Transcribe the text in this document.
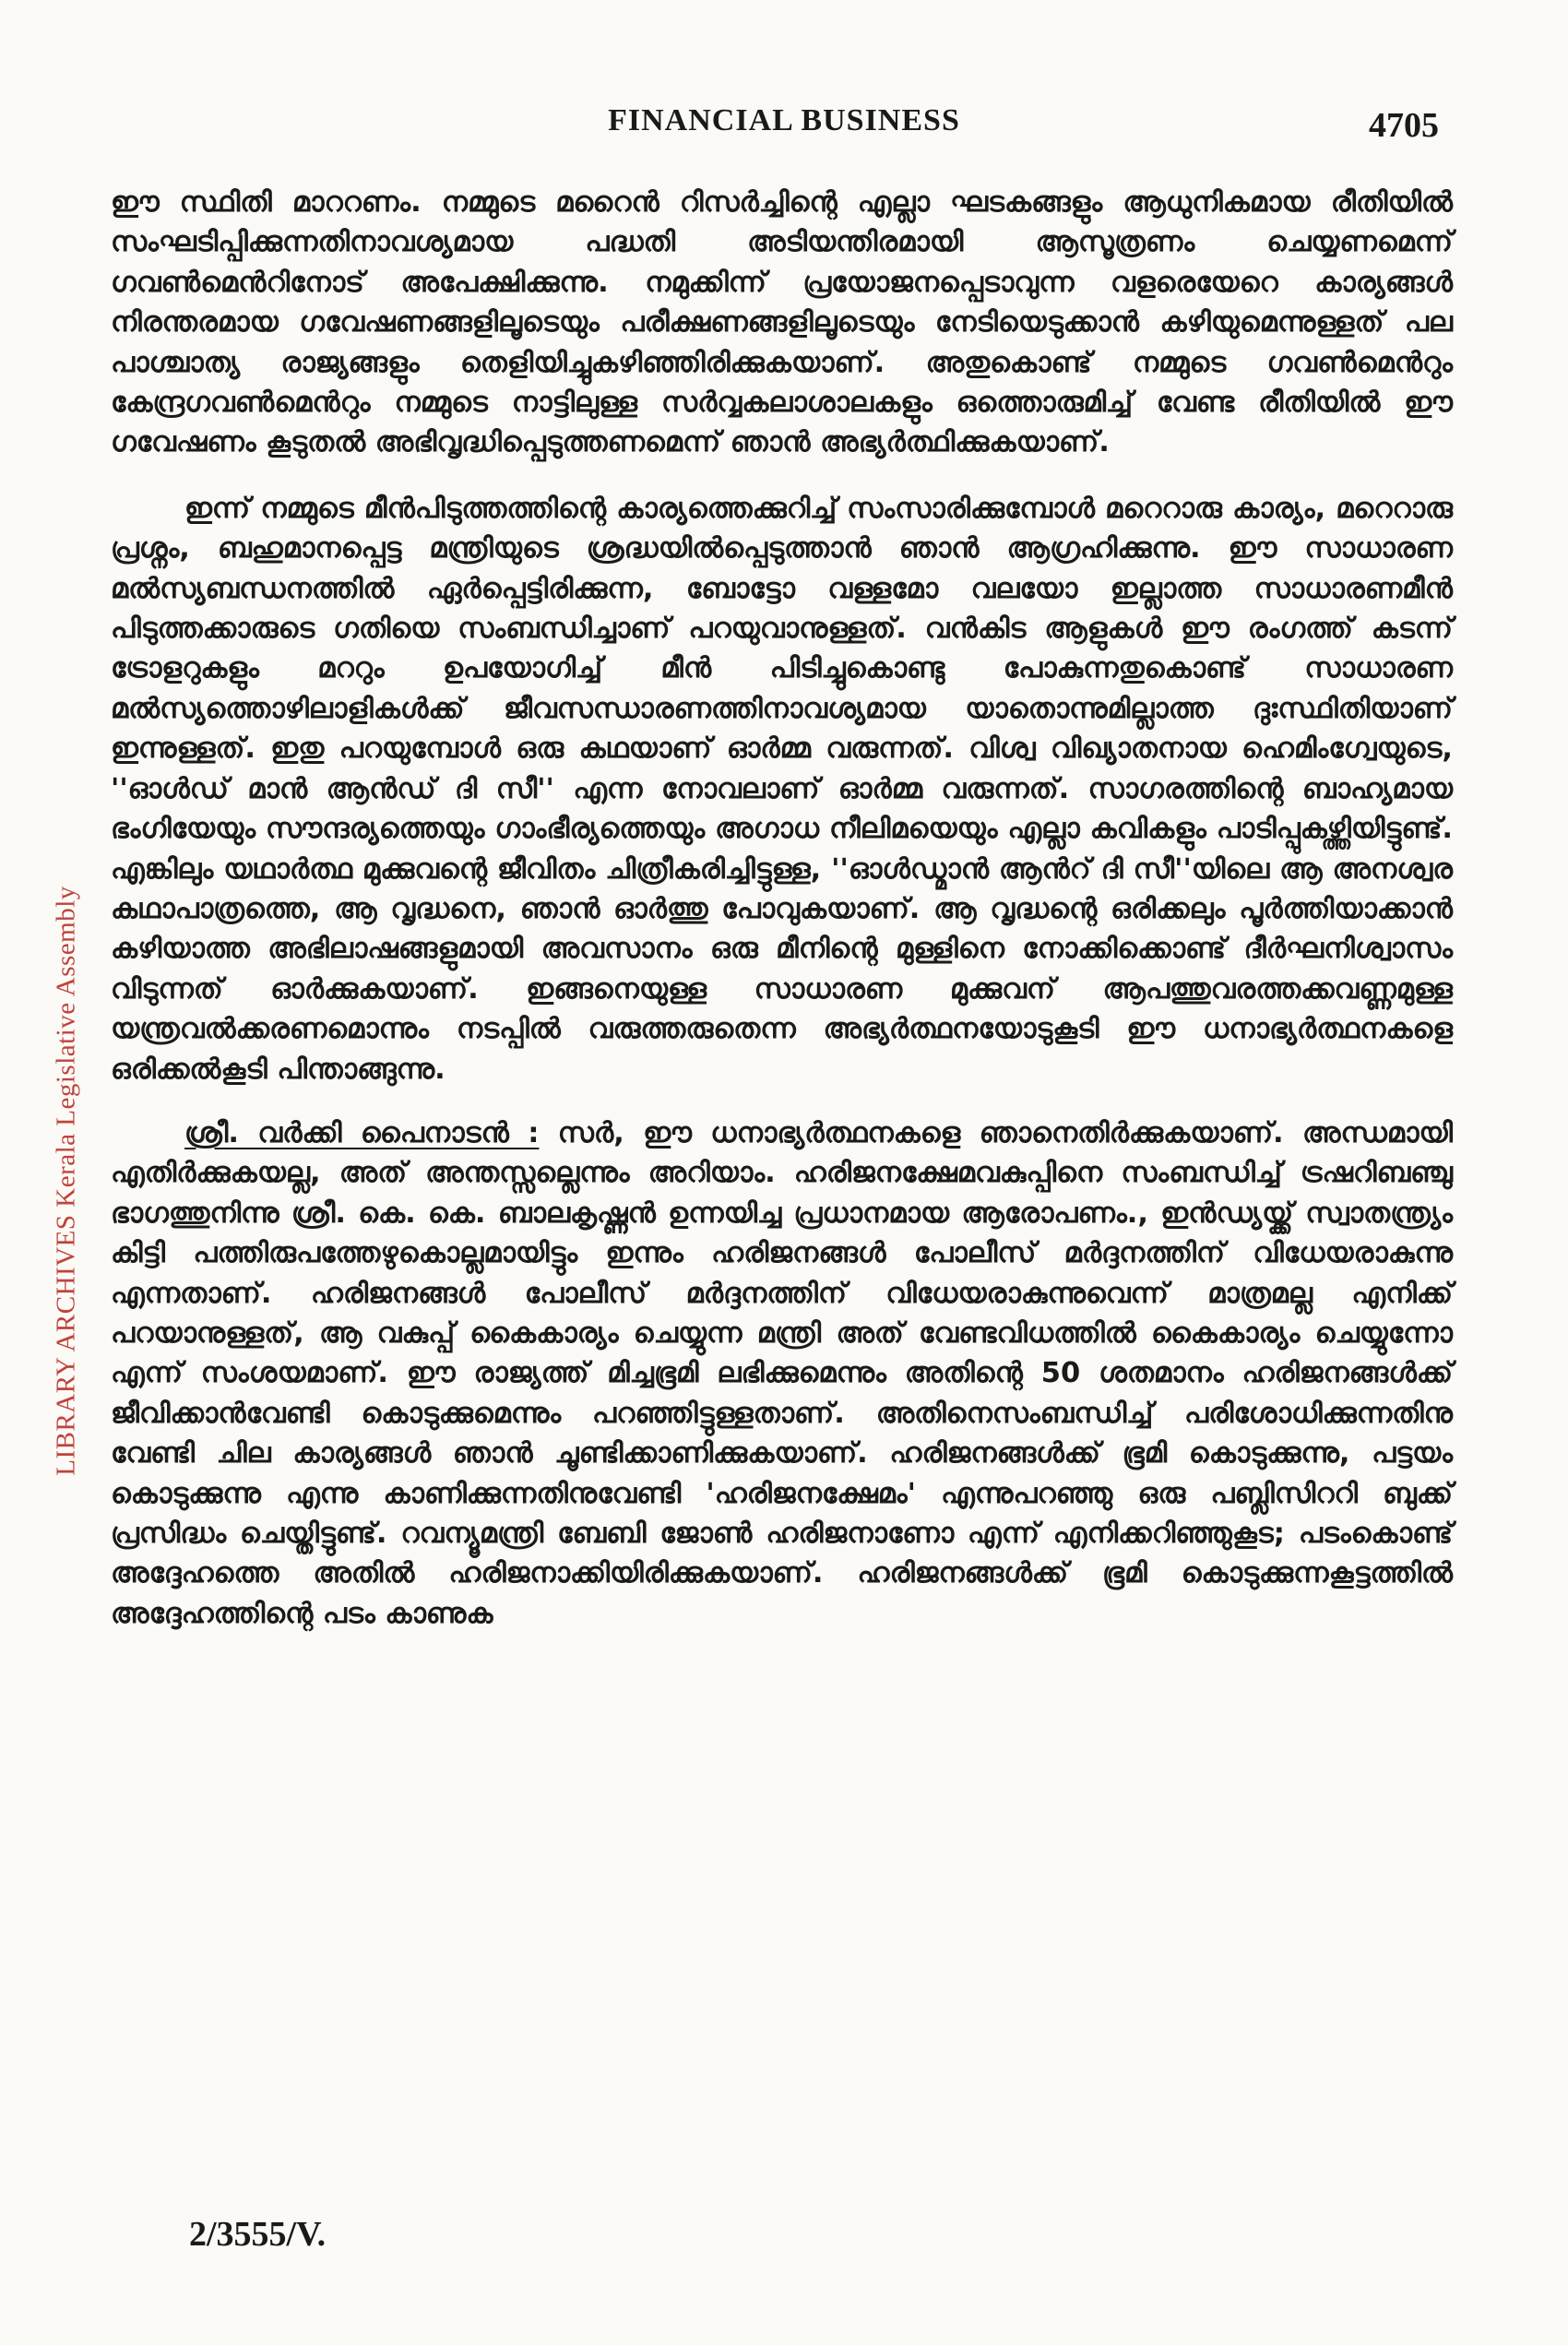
FINANCIAL BUSINESS	4705
LIBRARY ARCHIVES Kerala Legislative Assembly

ഈ സ്ഥിതി മാററണം. നമ്മുടെ മറൈൻ റിസർച്ചിന്റെ എല്ലാ ഘടകങ്ങളും ആധുനികമായ രീതിയിൽ സംഘടിപ്പിക്കുന്നതിനാവശ്യമായ പദ്ധതി അടിയന്തിരമായി ആസൂത്രണം ചെയ്യണമെന്ന് ഗവൺമെൻറിനോട് അപേക്ഷിക്കുന്നു. നമുക്കിന്ന് പ്രയോജനപ്പെടാവുന്ന വളരെയേറെ കാര്യങ്ങൾ നിരന്തരമായ ഗവേഷണങ്ങളിലൂടെയും പരീക്ഷണങ്ങളിലൂടെയും നേടിയെടുക്കാൻ കഴിയുമെന്നുള്ളത് പല പാശ്ചാത്യ രാജ്യങ്ങളും തെളിയിച്ചുകഴിഞ്ഞിരിക്കുകയാണ്. അതുകൊണ്ട് നമ്മുടെ ഗവൺമെൻറും കേന്ദ്രഗവൺമെൻറും നമ്മുടെ നാട്ടിലുള്ള സർവ്വകലാശാലകളും ഒത്തൊരുമിച്ച് വേണ്ട രീതിയിൽ ഈ ഗവേഷണം കൂടുതൽ അഭിവൃദ്ധിപ്പെടുത്തണമെന്ന് ഞാൻ അഭ്യർത്ഥിക്കുകയാണ്.

ഇന്ന് നമ്മുടെ മീൻപിടുത്തത്തിന്റെ കാര്യത്തെക്കുറിച്ച് സംസാരിക്കുമ്പോൾ മറെറാരു കാര്യം, മറെറാരു പ്രശ്നം, ബഹുമാനപ്പെട്ട മന്ത്രിയുടെ ശ്രദ്ധയിൽപ്പെടുത്താൻ ഞാൻ ആഗ്രഹിക്കുന്നു. ഈ സാധാരണ മൽസ്യബന്ധനത്തിൽ ഏർപ്പെട്ടിരിക്കുന്ന, ബോട്ടോ വള്ളമോ വലയോ ഇല്ലാത്ത സാധാരണമീൻ പിടുത്തക്കാരുടെ ഗതിയെ സംബന്ധിച്ചാണ് പറയുവാനുള്ളത്. വൻകിട ആളുകൾ ഈ രംഗത്ത് കടന്ന് ട്രോളറുകളും മററും ഉപയോഗിച്ച് മീൻ പിടിച്ചുകൊണ്ടു പോകുന്നതുകൊണ്ട് സാധാരണ മൽസ്യത്തൊഴിലാളികൾക്ക് ജീവസന്ധാരണത്തിനാവശ്യമായ യാതൊന്നുമില്ലാത്ത ദുഃസ്ഥിതിയാണ് ഇന്നുള്ളത്. ഇതു പറയുമ്പോൾ ഒരു കഥയാണ് ഓർമ്മ വരുന്നത്. വിശ്വ വിഖ്യാതനായ ഹെമിംഗ്വേയുടെ, ''ഓൾഡ് മാൻ ആൻഡ് ദി സീ'' എന്ന നോവലാണ് ഓർമ്മ വരുന്നത്. സാഗരത്തിന്റെ ബാഹ്യമായ ഭംഗിയേയും സൗന്ദര്യത്തെയും ഗാംഭീര്യത്തെയും അഗാധ നീലിമയെയും എല്ലാ കവികളും പാടിപ്പുകഴ്ത്തിയിട്ടുണ്ട്. എങ്കിലും യഥാർത്ഥ മുക്കുവന്റെ ജീവിതം ചിത്രീകരിച്ചിട്ടുള്ള, ''ഓൾഡ്മാൻ ആൻറ് ദി സീ''യിലെ ആ അനശ്വര കഥാപാത്രത്തെ, ആ വൃദ്ധനെ, ഞാൻ ഓർത്തു പോവുകയാണ്. ആ വൃദ്ധന്റെ ഒരിക്കലും പൂർത്തിയാക്കാൻ കഴിയാത്ത അഭിലാഷങ്ങളുമായി അവസാനം ഒരു മീനിന്റെ മുള്ളിനെ നോക്കിക്കൊണ്ട് ദീർഘനിശ്വാസം വിടുന്നത് ഓർക്കുകയാണ്. ഇങ്ങനെയുള്ള സാധാരണ മുക്കുവന് ആപത്തുവരത്തക്കവണ്ണമുള്ള യന്ത്രവൽക്കരണമൊന്നും നടപ്പിൽ വരുത്തരുതെന്ന അഭ്യർത്ഥനയോടുകൂടി ഈ ധനാഭ്യർത്ഥനകളെ ഒരിക്കൽകൂടി പിന്താങ്ങുന്നു.

ശ്രീ. വർക്കി പൈനാടൻ : സർ, ഈ ധനാഭ്യർത്ഥനകളെ ഞാനെതിർക്കുകയാണ്. അന്ധമായി എതിർക്കുകയല്ല, അത് അന്തസ്സല്ലെന്നും അറിയാം. ഹരിജനക്ഷേമവകുപ്പിനെ സംബന്ധിച്ച് ട്രഷറിബഞ്ചു ഭാഗത്തുനിന്നു ശ്രീ. കെ. കെ. ബാലകൃഷ്ണൻ ഉന്നയിച്ച പ്രധാനമായ ആരോപണം., ഇൻഡ്യയ്ക്ക് സ്വാതന്ത്ര്യം കിട്ടി പത്തിരുപത്തേഴുകൊല്ലമായിട്ടും ഇന്നും ഹരിജനങ്ങൾ പോലീസ് മർദ്ദനത്തിന് വിധേയരാകുന്നു എന്നതാണ്. ഹരിജനങ്ങൾ പോലീസ് മർദ്ദനത്തിന് വിധേയരാകുന്നുവെന്ന് മാത്രമല്ല എനിക്ക് പറയാനുള്ളത്, ആ വകുപ്പ് കൈകാര്യം ചെയ്യുന്ന മന്ത്രി അത് വേണ്ടവിധത്തിൽ കൈകാര്യം ചെയ്യുന്നോ എന്ന് സംശയമാണ്. ഈ രാജ്യത്ത് മിച്ചഭൂമി ലഭിക്കുമെന്നും അതിന്റെ 50 ശതമാനം ഹരിജനങ്ങൾക്ക് ജീവിക്കാൻവേണ്ടി കൊടുക്കുമെന്നും പറഞ്ഞിട്ടുള്ളതാണ്. അതിനെസംബന്ധിച്ച് പരിശോധിക്കുന്നതിനു വേണ്ടി ചില കാര്യങ്ങൾ ഞാൻ ചൂണ്ടിക്കാണിക്കുകയാണ്. ഹരിജനങ്ങൾക്ക് ഭൂമി കൊടുക്കുന്നു, പട്ടയം കൊടുക്കുന്നു എന്നു കാണിക്കുന്നതിനുവേണ്ടി 'ഹരിജനക്ഷേമം' എന്നുപറഞ്ഞു ഒരു പബ്ലിസിററി ബുക്ക് പ്രസിദ്ധം ചെയ്തിട്ടുണ്ട്. റവന്യൂമന്ത്രി ബേബി ജോൺ ഹരിജനാണോ എന്ന് എനിക്കറിഞ്ഞുകൂട; പടംകൊണ്ട് അദ്ദേഹത്തെ അതിൽ ഹരിജനാക്കിയിരിക്കുകയാണ്. ഹരിജനങ്ങൾക്ക് ഭൂമി കൊടുക്കുന്നകൂട്ടത്തിൽ അദ്ദേഹത്തിന്റെ പടം കാണുക

2/3555/V.
